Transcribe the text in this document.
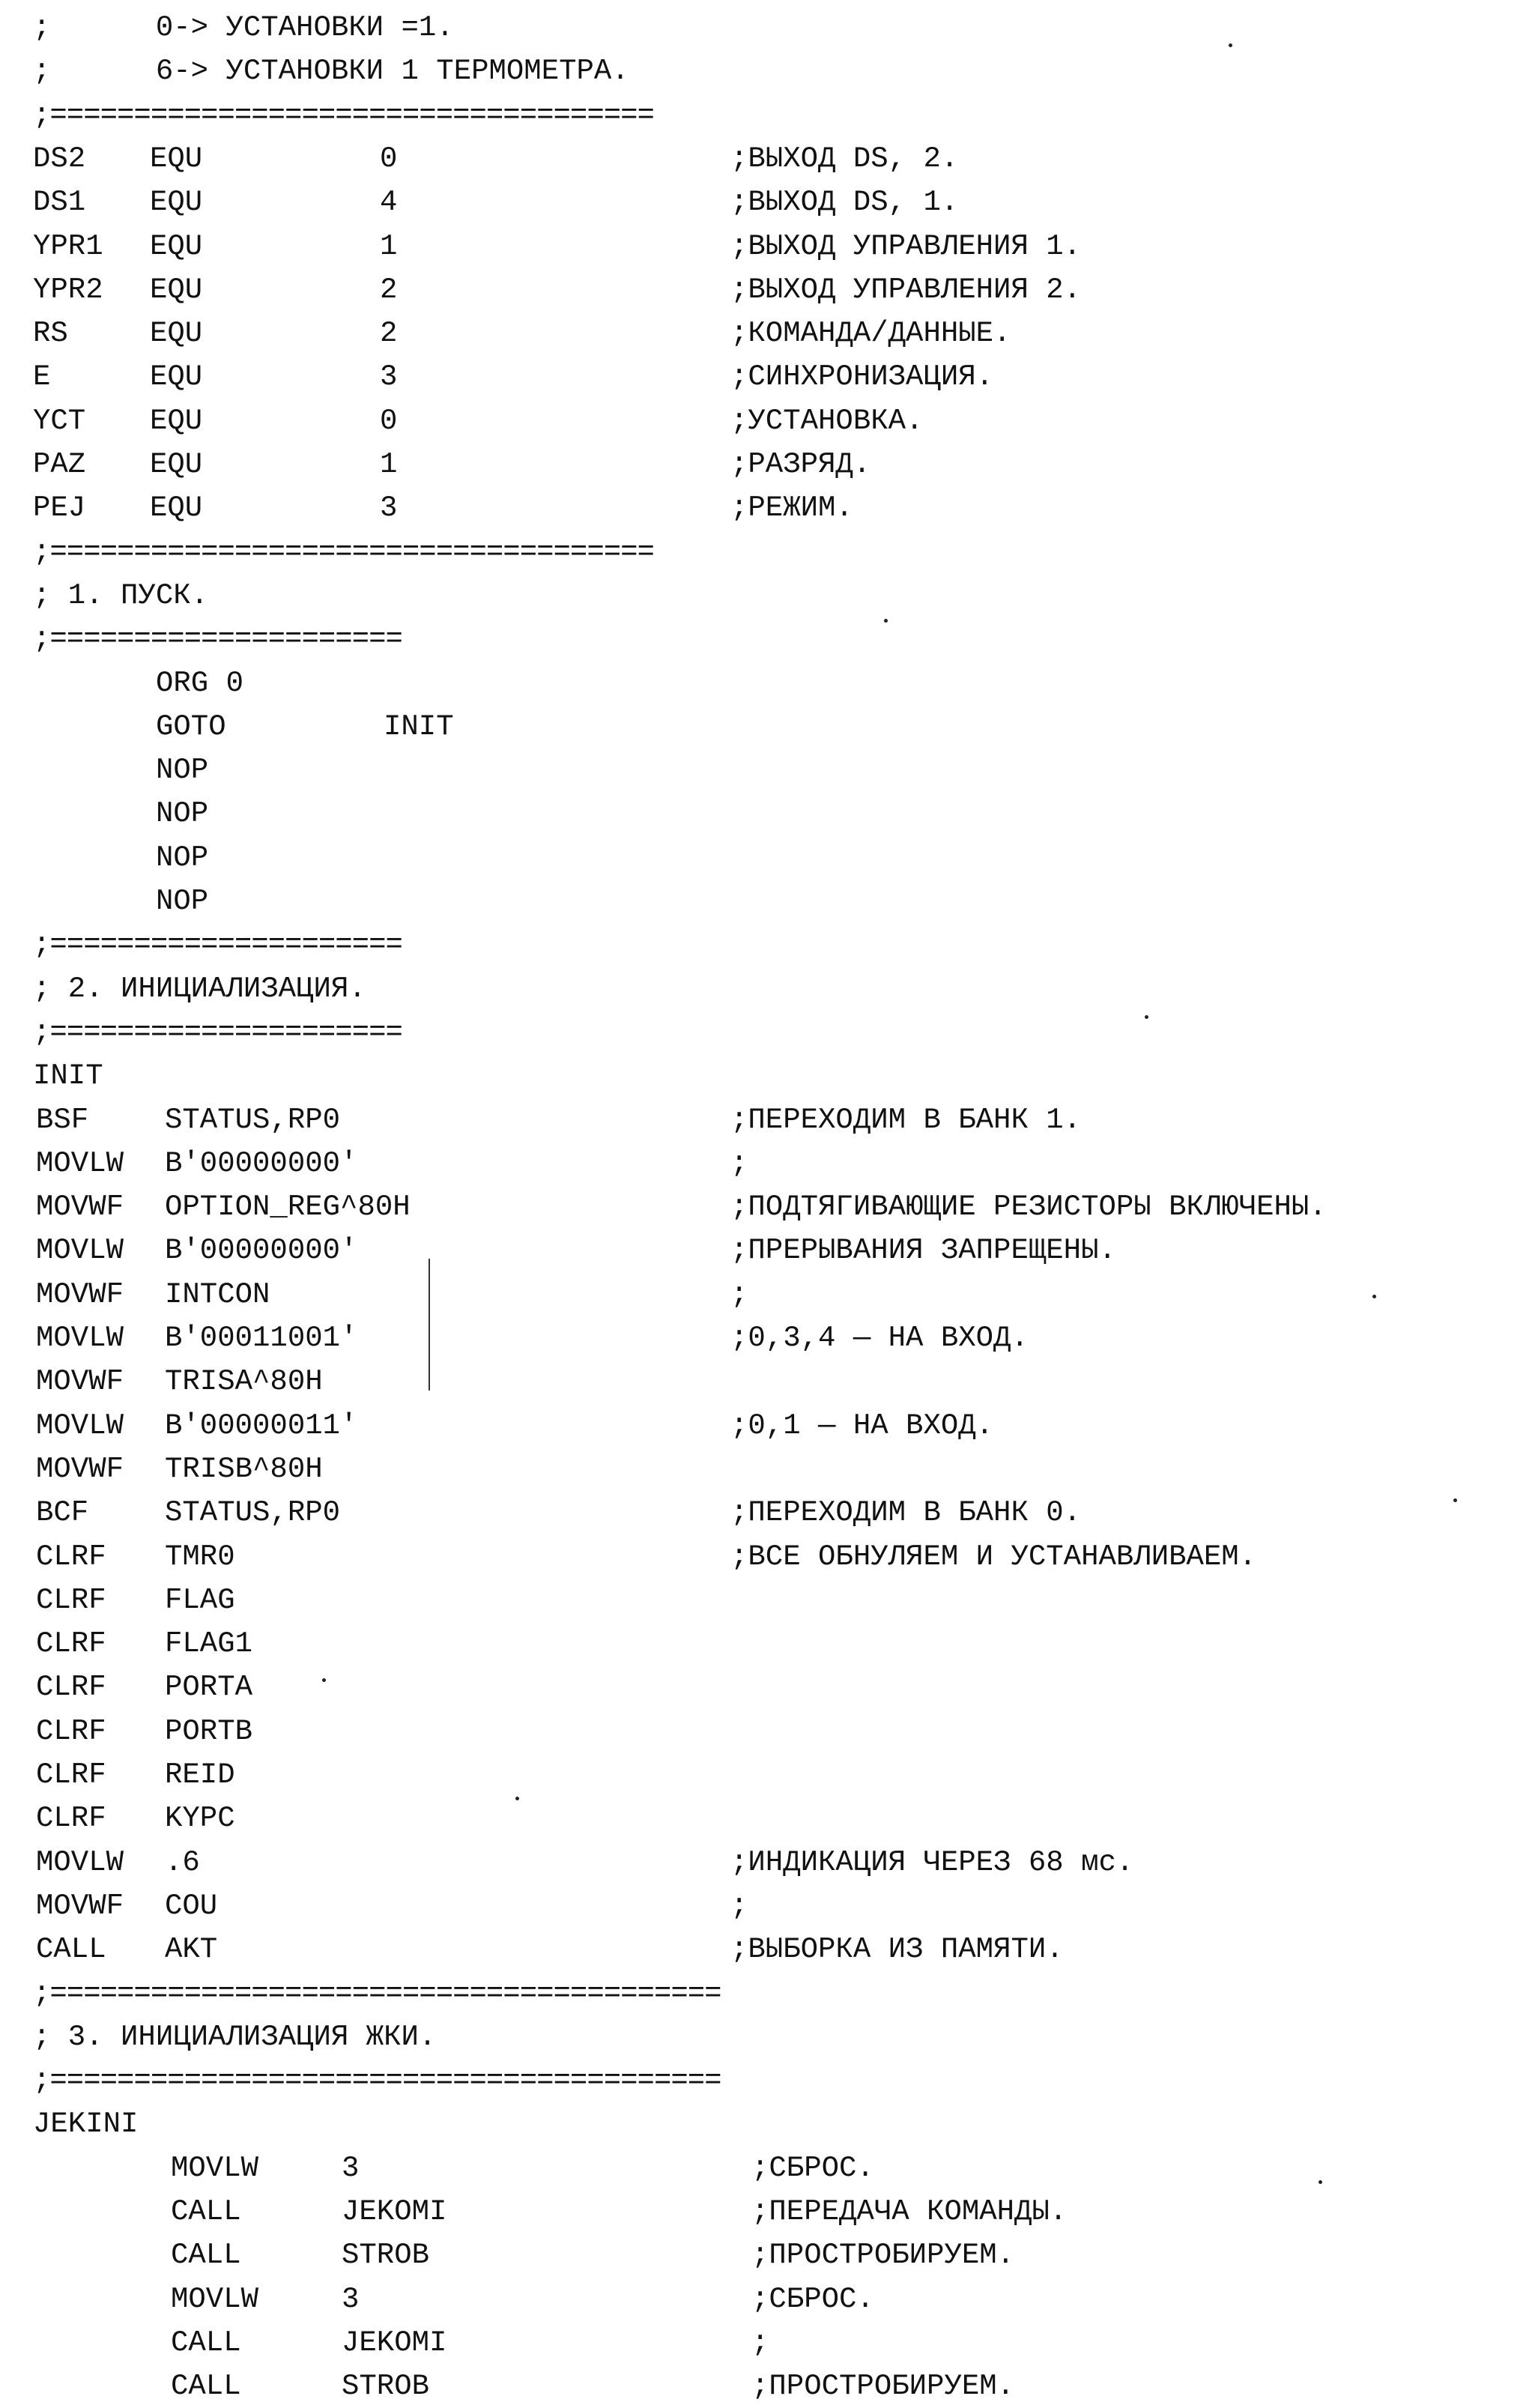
;      0-> УСТАНОВКИ =1.
;      6-> УСТАНОВКИ 1 ТЕРМОМЕТРА.
;====================================
DS2 EQU	0	;ВЫХОД DS, 2.
DS1 EQU	4	;ВЫХОД DS, 1.
YPR1 EQU	1	;ВЫХОД УПРАВЛЕНИЯ 1.
YPR2 EQU	2	;ВЫХОД УПРАВЛЕНИЯ 2.
RS	EQU	2	;КОМАНДА/ДАННЫЕ.
E	EQU	3	;СИНХРОНИЗАЦИЯ.
YCT EQU	0	;УСТАНОВКА.
PAZ EQU	1	;РАЗРЯД.
PEJ EQU	3	;РЕЖИМ.
;====================================
; 1. ПУСК.
;=====================
ORG 0
GOTO	INIT
NOP
NOP
NOP
NOP
;=====================
; 2. ИНИЦИАЛИЗАЦИЯ.
;=====================
INIT
BSF	STATUS,RP0	;ПЕРЕХОДИМ В БАНК 1.
MOVLW B'00000000'	;
MOVWF OPTION_REG^80H	;ПОДТЯГИВАЮЩИЕ РЕЗИСТОРЫ ВКЛЮЧЕНЫ.
MOVLW B'00000000'	;ПРЕРЫВАНИЯ ЗАПРЕЩЕНЫ.
MOVWF INTCON	;
MOVLW B'00011001'	;0,3,4 — НА ВХОД.
MOVWF TRISA^80H
MOVLW B'00000011'	;0,1 — НА ВХОД.
MOVWF TRISB^80H
BCF	STATUS,RP0	;ПЕРЕХОДИМ В БАНК 0.
CLRF TMR0	;ВСЕ ОБНУЛЯЕМ И УСТАНАВЛИВАЕМ.
CLRF FLAG
CLRF FLAG1
CLRF PORTA
CLRF PORTB
CLRF REID
CLRF KYPC
MOVLW .6	;ИНДИКАЦИЯ ЧЕРЕЗ 68 мс.
MOVWF COU	;
CALL AKT	;ВЫБОРКА ИЗ ПАМЯТИ.
;========================================
; 3. ИНИЦИАЛИЗАЦИЯ ЖКИ.
;========================================
JEKINI
MOVLW	3	;СБРОС.
CALL	JEKOMI	;ПЕРЕДАЧА КОМАНДЫ.
CALL	STROB	;ПРОСТРОБИРУЕМ.
MOVLW	3	;СБРОС.
CALL	JEKOMI	;
CALL	STROB	;ПРОСТРОБИРУЕМ.
